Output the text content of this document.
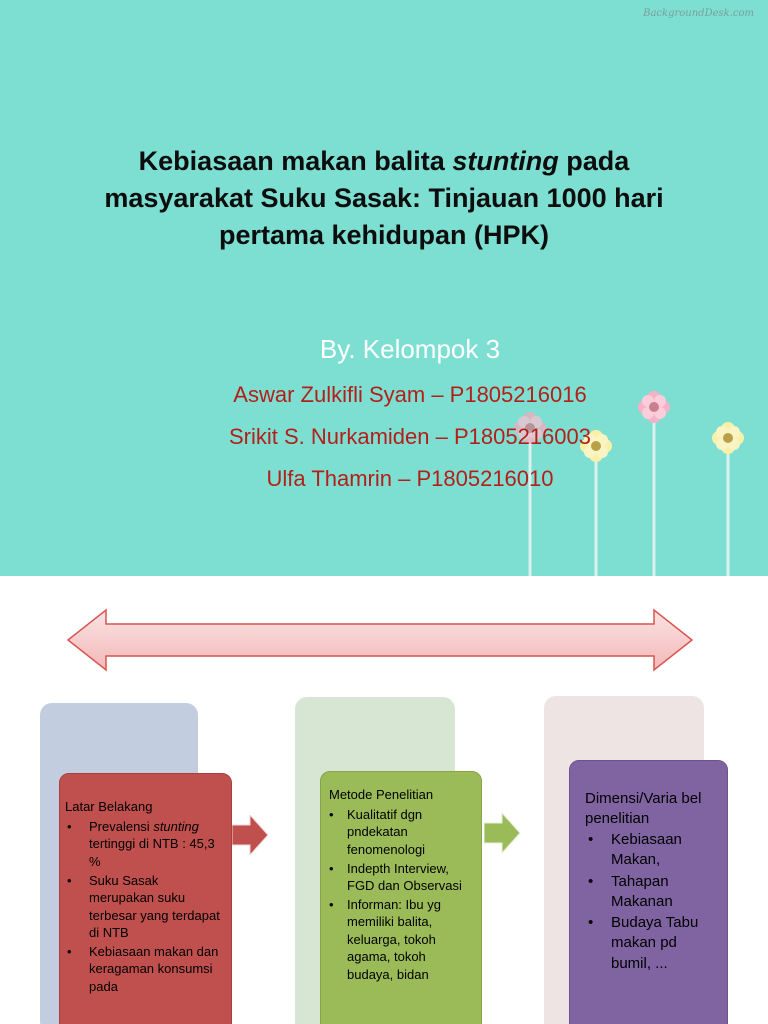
BackgroundDesk.com
Kebiasaan makan balita stunting pada
masyarakat Suku Sasak: Tinjauan 1000 hari
pertama kehidupan (HPK)
By. Kelompok 3
Aswar Zulkifli Syam – P1805216016
Srikit S. Nurkamiden – P1805216003
Ulfa Thamrin – P1805216010
Latar Belakang
• Prevalensi stunting tertinggi di NTB : 45,3 %
• Suku Sasak merupakan suku terbesar yang terdapat di NTB
• Kebiasaan makan dan keragaman konsumsi pada
Metode Penelitian
• Kualitatif dgn pndekatan fenomenologi
• Indepth Interview, FGD dan Observasi
• Informan: Ibu yg memiliki balita, keluarga, tokoh agama, tokoh budaya, bidan
Dimensi/Varia bel penelitian
• Kebiasaan Makan,
• Tahapan Makanan
• Budaya Tabu makan pd bumil, ...
